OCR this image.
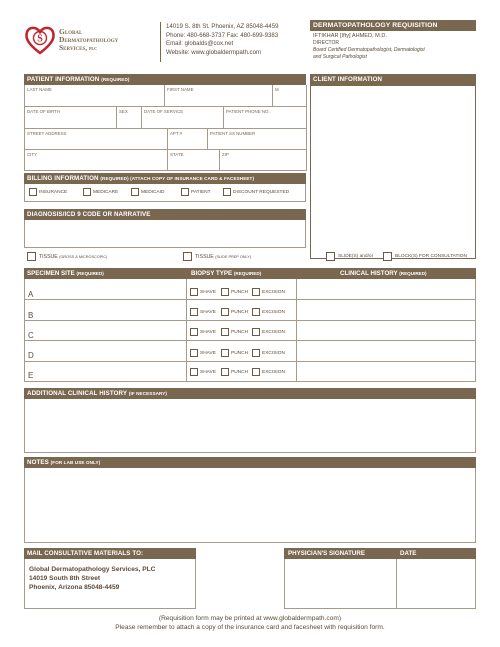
S
Global
Dermatopathology
Services, PLC
14019 S. 8th St. Phoenix, AZ 85048-4459
Phone: 480-668-3737 Fax: 480-699-9383
Email: globalds@cox.net
Website: www.globaldermpath.com
DERMATOPATHOLOGY REQUISITION
IFTIKHAR [Ifty] AHMED, M.D.
DIRECTOR
Board Certified Dermatopathologist, Dermatologist
and Surgical Pathologist
PATIENT INFORMATION (REQUIRED)
LAST NAME	FIRST NAME	M
DATE OF BIRTH	SEX	DATE OF SERVICE	PATIENT PHONE NO.
STREET ADDRESS	APT #	PATIENT SS NUMBER
CITY	STATE	ZIP
CLIENT INFORMATION
BILLING INFORMATION (REQUIRED) (ATTACH COPY OF INSURANCE CARD & FACESHEET)
INSURANCE	MEDICARE	MEDICAID	PATIENT	DISCOUNT REQUESTED
DIAGNOSIS/ICD 9 CODE OR NARRATIVE
TISSUE (GROSS & MICROSCOPIC)	TISSUE (SLIDE PREP ONLY)	SLIDE(S) and/or	BLOCK(S) FOR CONSULTATION
SPECIMEN SITE (REQUIRED)	BIOPSY TYPE (REQUIRED)	CLINICAL HISTORY (REQUIRED)
A	SHAVE	PUNCH	EXCISION
B	SHAVE	PUNCH	EXCISION
C	SHAVE	PUNCH	EXCISION
D	SHAVE	PUNCH	EXCISION
E	SHAVE	PUNCH	EXCISION
ADDITIONAL CLINICAL HISTORY (IF NECESSARY)
NOTES (FOR LAB USE ONLY)
MAIL CONSULTATIVE MATERIALS TO:
Global Dermatopathology Services, PLC
14019 South 8th Street
Phoenix, Arizona 85048-4459
PHYSICIAN'S SIGNATURE	DATE
(Requisition form may be printed at www.globaldermpath.com)
Please remember to attach a copy of the insurance card and facesheet with requisition form.
